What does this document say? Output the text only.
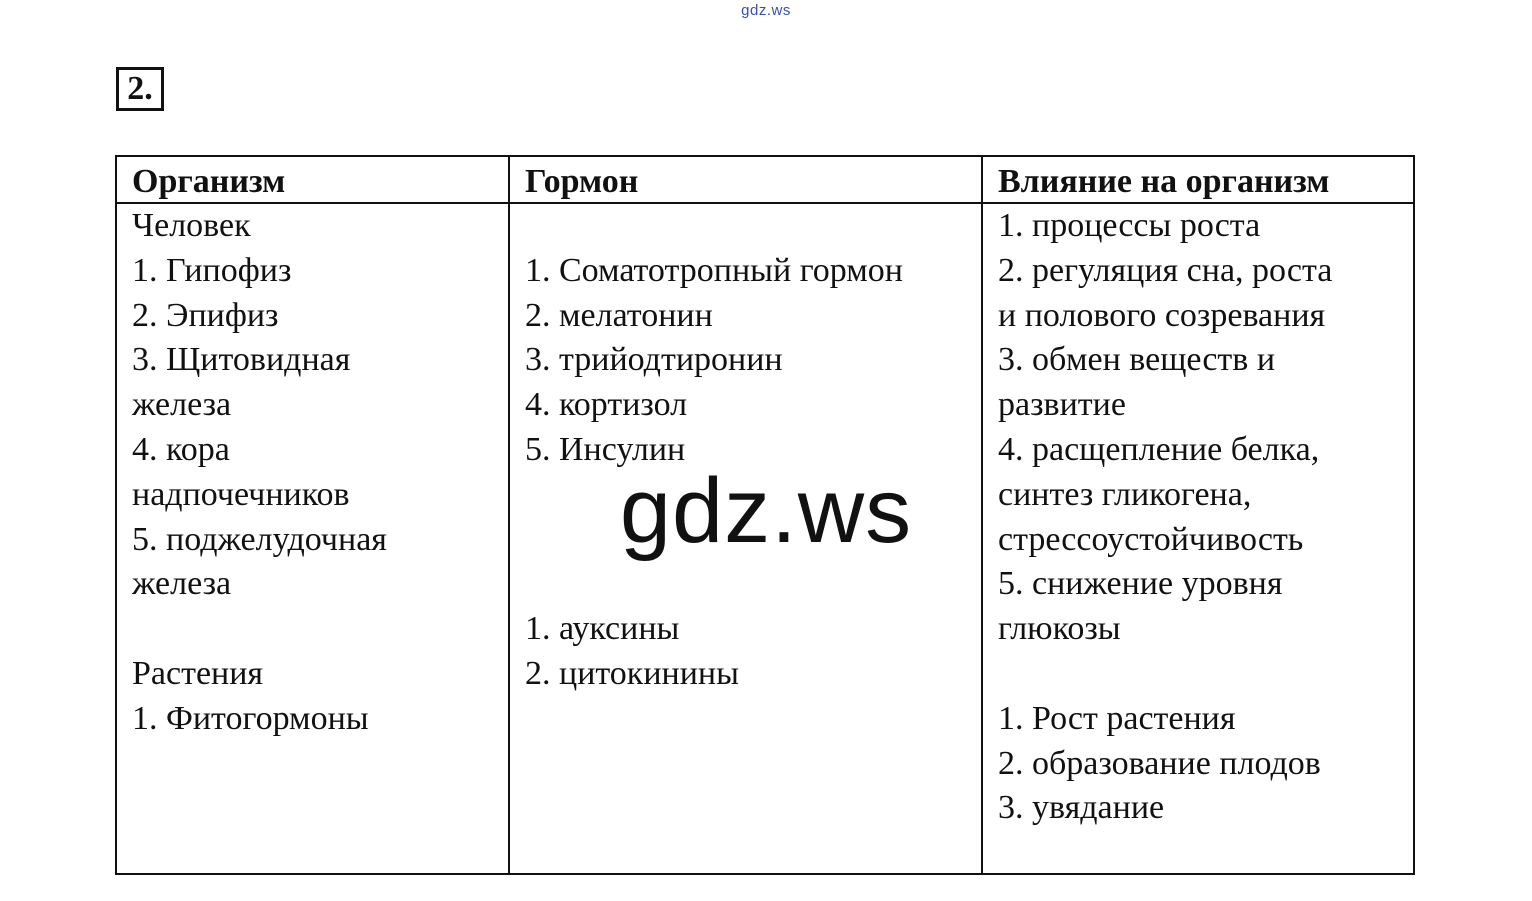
gdz.ws
2.
Организм	Гормон	Влияние на организм
Человек
1. Гипофиз
2. Эпифиз
3. Щитовидная
железа
4. кора
надпочечников
5. поджелудочная
железа
Растения
1. Фитогормоны
1. Соматотропный гормон
2. мелатонин
3. трийодтиронин
4. кортизол
5. Инсулин
1. ауксины
2. цитокинины
1. процессы роста
2. регуляция сна, роста
и полового созревания
3. обмен веществ и
развитие
4. расщепление белка,
синтез гликогена,
стрессоустойчивость
5. снижение уровня
глюкозы
1. Рост растения
2. образование плодов
3. увядание
gdz.ws
